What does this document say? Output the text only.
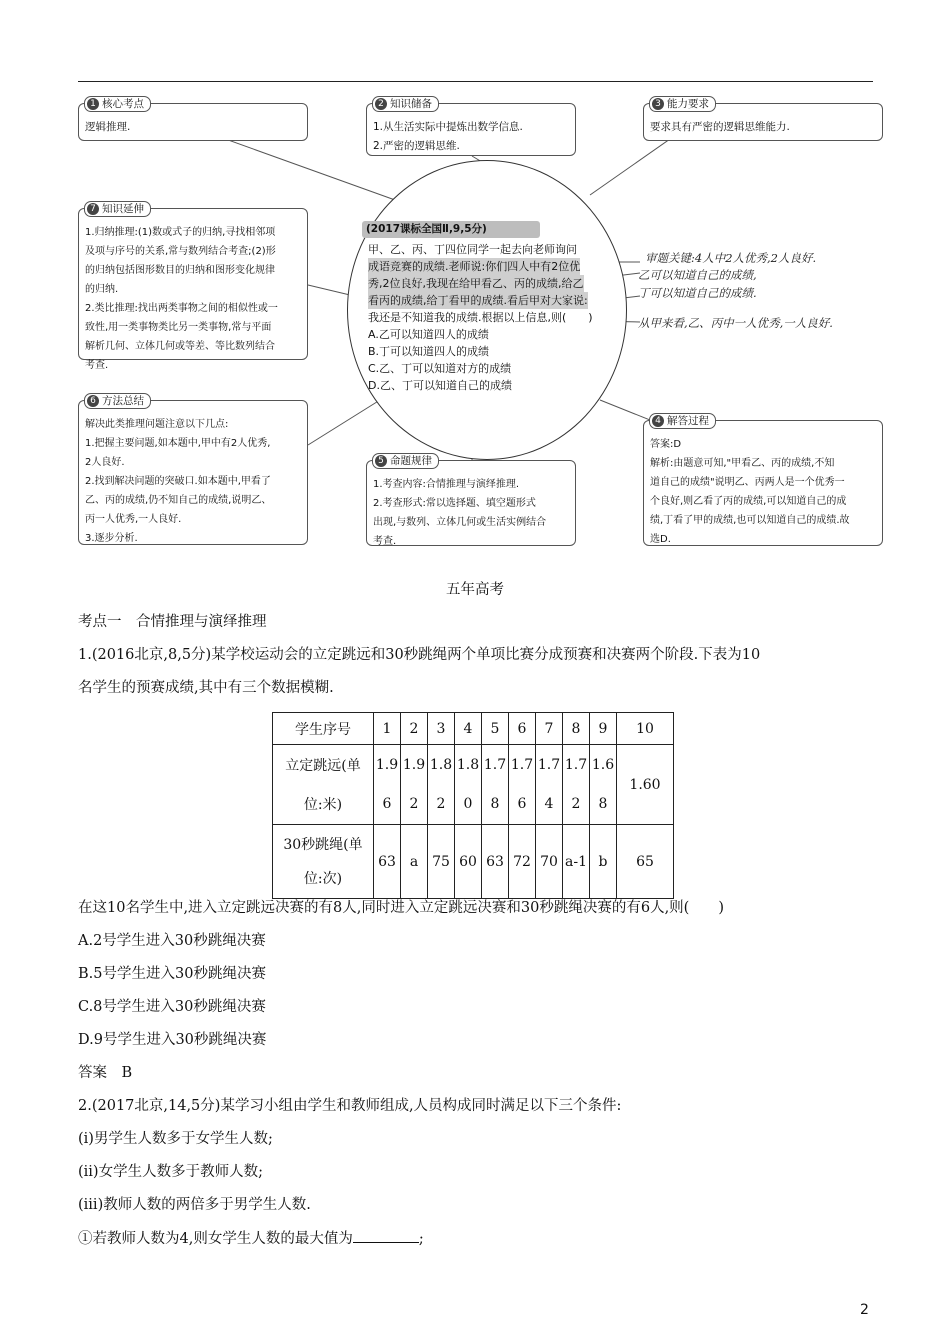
逻辑推理.
1 核心考点
1.从生活实际中提炼出数学信息.
2.严密的逻辑思维.
2 知识储备
要求具有严密的逻辑思维能力.
3 能力要求
1.归纳推理:(1)数或式子的归纳,寻找相邻项
及项与序号的关系,常与数列结合考查;(2)形
的归纳包括图形数目的归纳和图形变化规律
的归纳.
2.类比推理:找出两类事物之间的相似性或一
致性,用一类事物类比另一类事物,常与平面
解析几何、立体几何或等差、等比数列结合
考查.
7 知识延伸
解决此类推理问题注意以下几点:
1.把握主要问题,如本题中,甲中有2人优秀,
2人良好.
2.找到解决问题的突破口.如本题中,甲看了
乙、丙的成绩,仍不知自己的成绩,说明乙、
丙一人优秀,一人良好.
3.逐步分析.
6 方法总结
1.考查内容:合情推理与演绎推理.
2.考查形式:常以选择题、填空题形式
出现,与数列、立体几何或生活实例结合
考查.
5 命题规律
答案:D
解析:由题意可知,"甲看乙、丙的成绩,不知
道自己的成绩"说明乙、丙两人是一个优秀一
个良好,则乙看了丙的成绩,可以知道自己的成
绩,丁看了甲的成绩,也可以知道自己的成绩.故
选D.
4 解答过程
(2017课标全国Ⅱ,9,5分)
甲、乙、丙、丁四位同学一起去向老师询问
成语竞赛的成绩.老师说:你们四人中有2位优
秀,2位良好,我现在给甲看乙、丙的成绩,给乙
看丙的成绩,给丁看甲的成绩.看后甲对大家说:
我还是不知道我的成绩.根据以上信息,则(　　)
A.乙可以知道四人的成绩
B.丁可以知道四人的成绩
C.乙、丁可以知道对方的成绩
D.乙、丁可以知道自己的成绩
审题关键:4人中2人优秀,2人良好.
乙可以知道自己的成绩,
丁可以知道自己的成绩.
从甲来看,乙、丙中一人优秀,一人良好.
五年高考
考点一　合情推理与演绎推理
1.(2016北京,8,5分)某学校运动会的立定跳远和30秒跳绳两个单项比赛分成预赛和决赛两个阶段.下表为10
名学生的预赛成绩,其中有三个数据模糊.
学生序号	1	2	3	4	5	6	7	8	9	10
立定跳远(单	1.9	1.9	1.8	1.8	1.7	1.7	1.7	1.7	1.6	1.60
位:米)	6	2	2	0	8	6	4	2	8	

30秒跳绳(单
位:次)	63	a	75	60	63	72	70	a-1	b	65
在这10名学生中,进入立定跳远决赛的有8人,同时进入立定跳远决赛和30秒跳绳决赛的有6人,则(　　)
A.2号学生进入30秒跳绳决赛
B.5号学生进入30秒跳绳决赛
C.8号学生进入30秒跳绳决赛
D.9号学生进入30秒跳绳决赛
答案　B
2.(2017北京,14,5分)某学习小组由学生和教师组成,人员构成同时满足以下三个条件:
(i)男学生人数多于女学生人数;
(ii)女学生人数多于教师人数;
(iii)教师人数的两倍多于男学生人数.
①若教师人数为4,则女学生人数的最大值为	;
2
